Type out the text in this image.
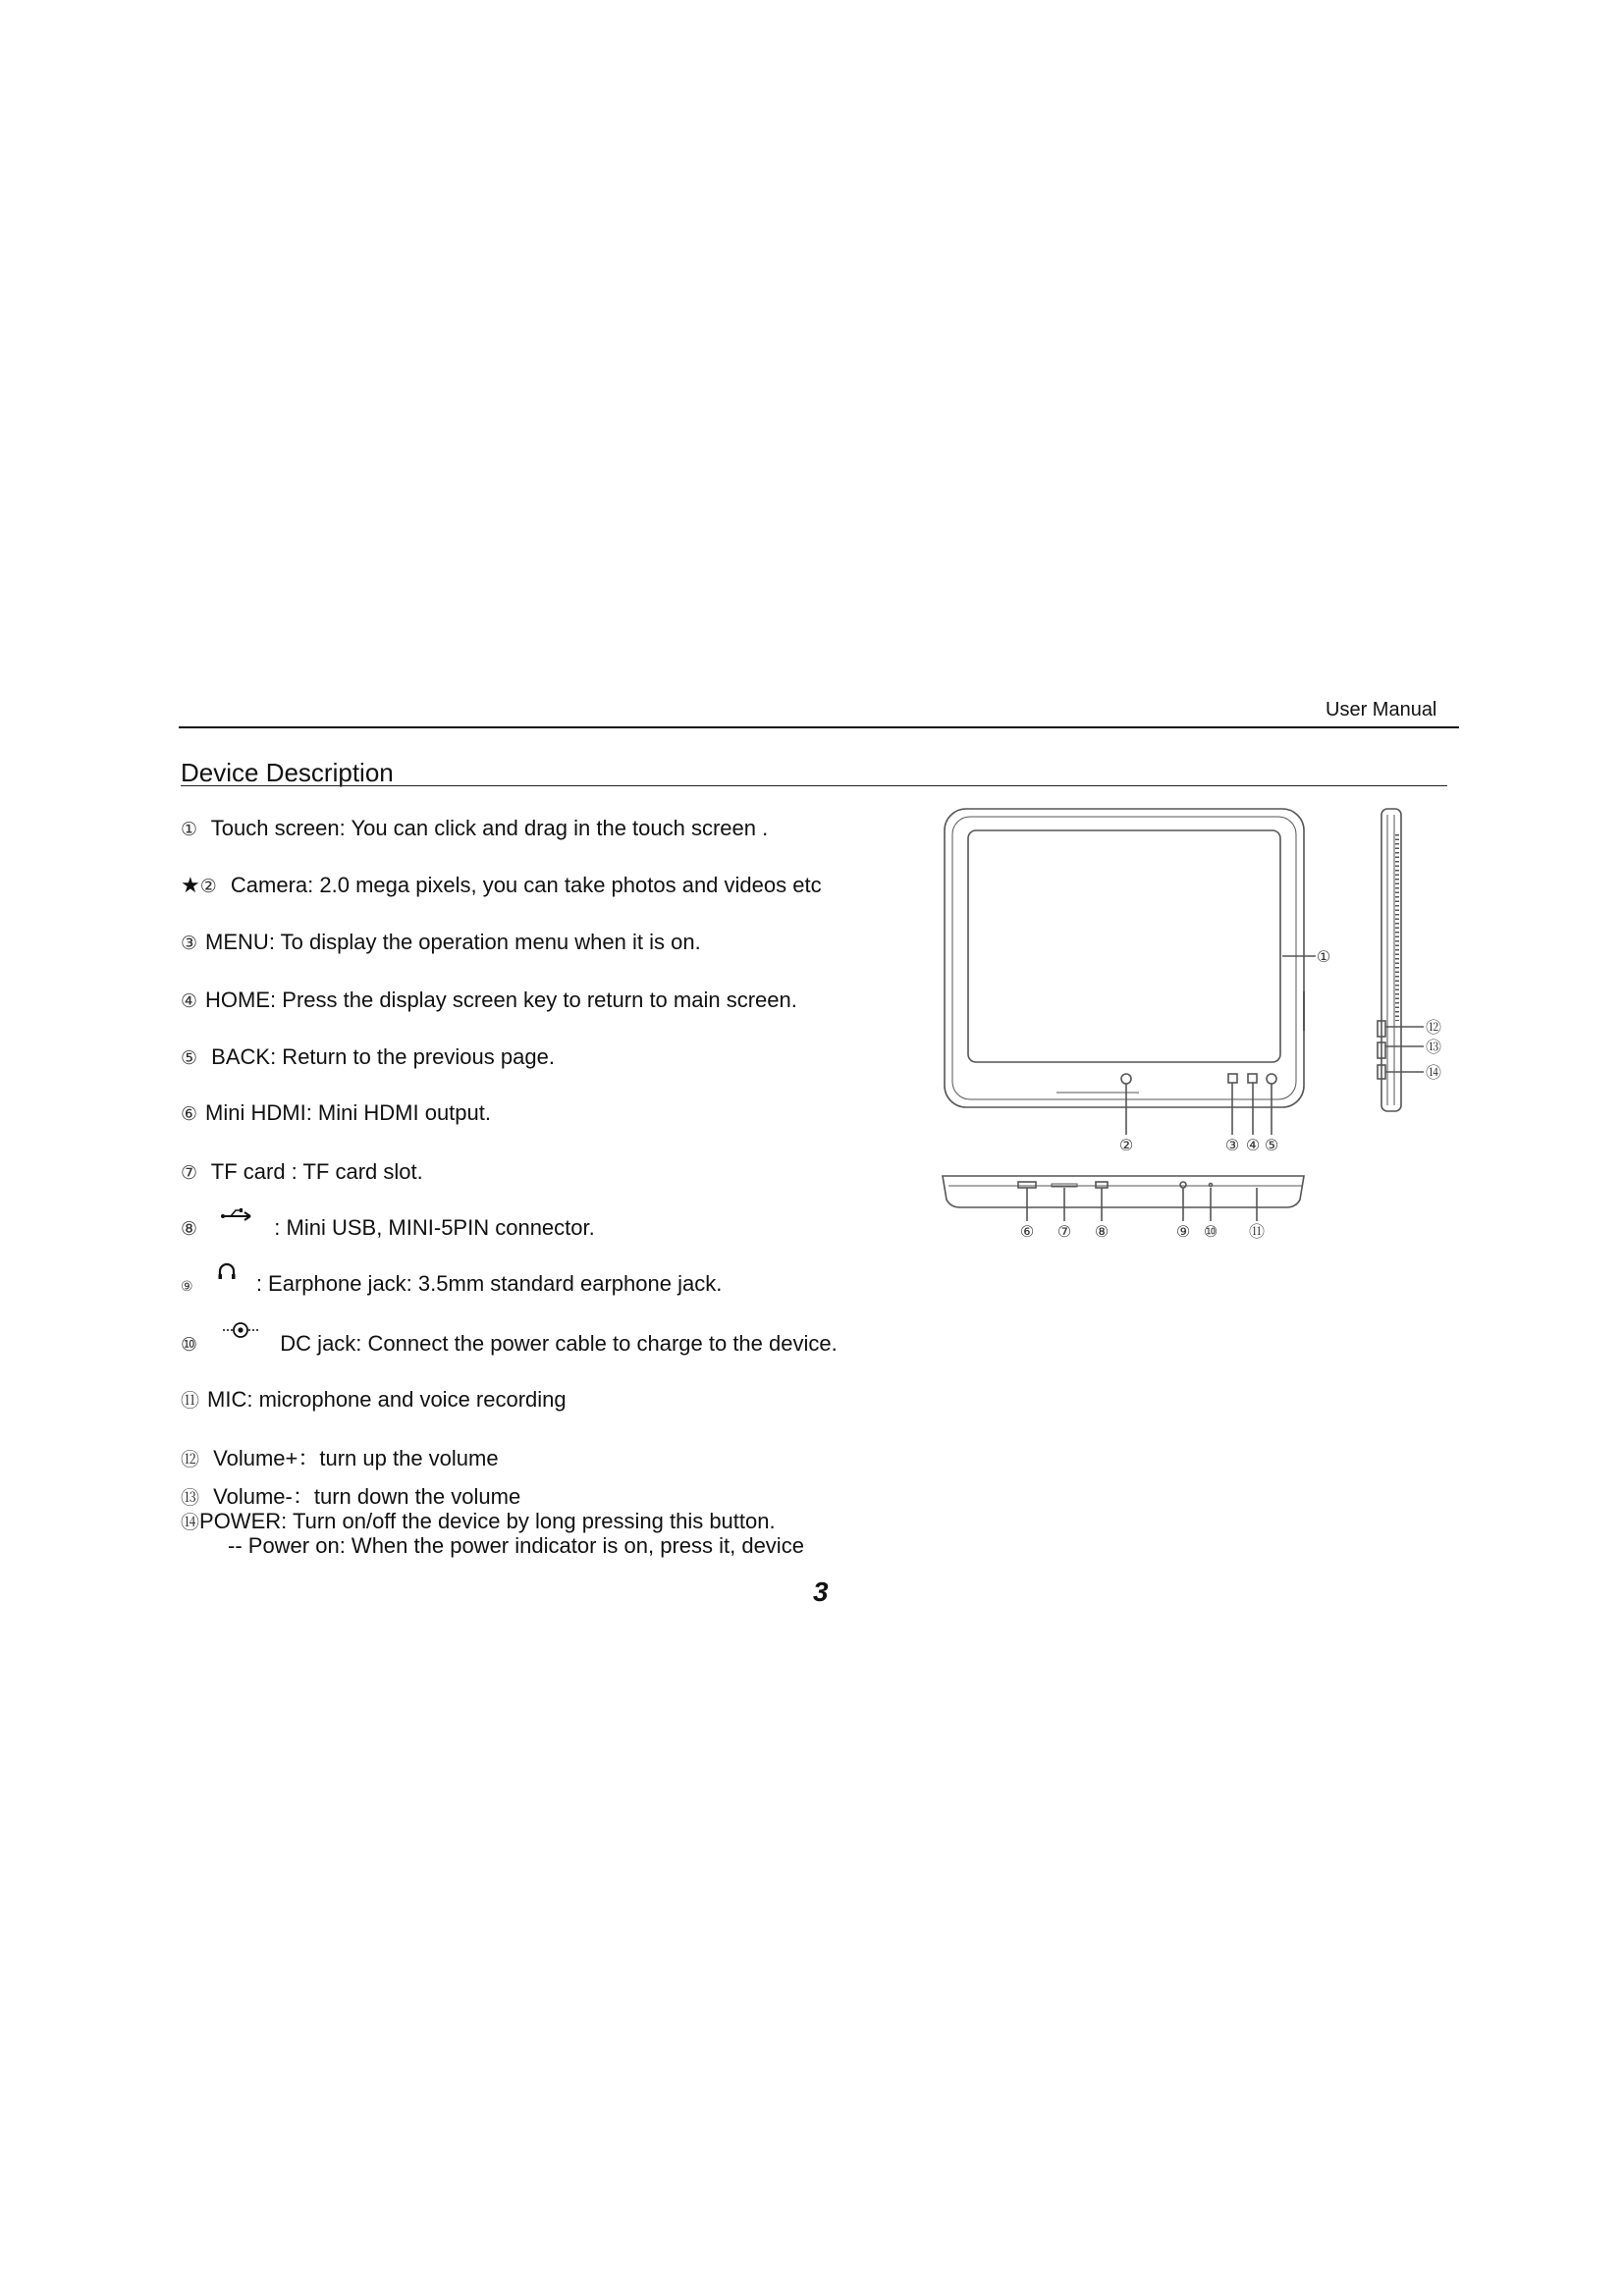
User Manual
Device Description
① Touch screen: You can click and drag in the touch screen .
★② Camera: 2.0 mega pixels, you can take photos and videos etc
③ MENU: To display the operation menu when it is on.
④ HOME: Press the display screen key to return to main screen.
⑤ BACK: Return to the previous page.
⑥ Mini HDMI: Mini HDMI output.
⑦ TF card : TF card slot.
⑧	: Mini USB, MINI-5PIN connector.
⑨	: Earphone jack: 3.5mm standard earphone jack.
⑩	DC jack: Connect the power cable to charge to the device.
⑪ MIC: microphone and voice recording
⑫ Volume+：turn up the volume
⑬ Volume-：turn down the volume
⑭POWER: Turn on/off the device by long pressing this button.
-- Power on: When the power indicator is on, press it, device
3
①
②	③ ④ ⑤
⑥ ⑦ ⑧	⑨ ⑩ ⑪
⑫
⑬
⑭
